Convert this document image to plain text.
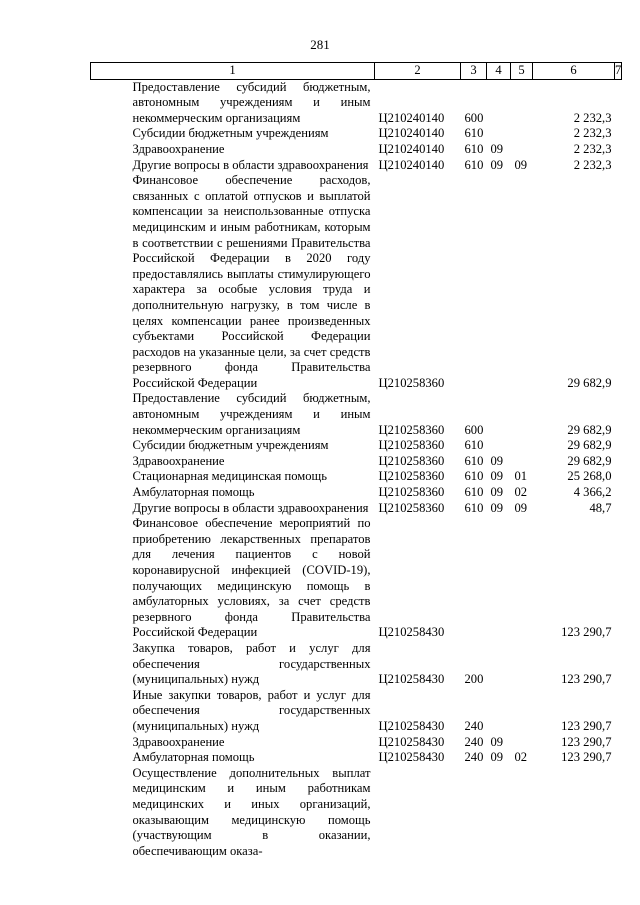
281
1	2	3	4	5	6	7
Предоставление субсидий бюджетным, автономным учреждениям и иным некоммерческим организациям	Ц210240140	600			2 232,3	
Субсидии бюджетным учреждениям	Ц210240140	610			2 232,3	
Здравоохранение	Ц210240140	610	09		2 232,3	
Другие вопросы в области здравоохранения	Ц210240140	610	09	09	2 232,3	
Финансовое обеспечение расходов, связанных с оплатой отпусков и выплатой компенсации за неиспользованные отпуска медицинским и иным работникам, которым в соответствии с решениями Правительства Российской Федерации в 2020 году предоставлялись выплаты стимулирующего характера за особые условия труда и дополнительную нагрузку, в том числе в целях компенсации ранее произведенных субъектами Российской Федерации расходов на указанные цели, за счет средств резервного фонда Правительства Российской Федерации	Ц210258360				29 682,9	
Предоставление субсидий бюджетным, автономным учреждениям и иным некоммерческим организациям	Ц210258360	600			29 682,9	
Субсидии бюджетным учреждениям	Ц210258360	610			29 682,9	
Здравоохранение	Ц210258360	610	09		29 682,9	
Стационарная медицинская помощь	Ц210258360	610	09	01	25 268,0	
Амбулаторная помощь	Ц210258360	610	09	02	4 366,2	
Другие вопросы в области здравоохранения	Ц210258360	610	09	09	48,7	
Финансовое обеспечение мероприятий по приобретению лекарственных препаратов для лечения пациентов с новой коронавирусной инфекцией (COVID-19), получающих медицинскую помощь в амбулаторных условиях, за счет средств резервного фонда Правительства Российской Федерации	Ц210258430				123 290,7	
Закупка товаров, работ и услуг для обеспечения государственных (муниципальных) нужд	Ц210258430	200			123 290,7	
Иные закупки товаров, работ и услуг для обеспечения государственных (муниципальных) нужд	Ц210258430	240			123 290,7	
Здравоохранение	Ц210258430	240	09		123 290,7	
Амбулаторная помощь	Ц210258430	240	09	02	123 290,7	
Осуществление дополнительных выплат медицинским и иным работникам медицинских и иных организаций, оказывающим медицинскую помощь (участвующим в оказании, обеспечивающим оказа-						
